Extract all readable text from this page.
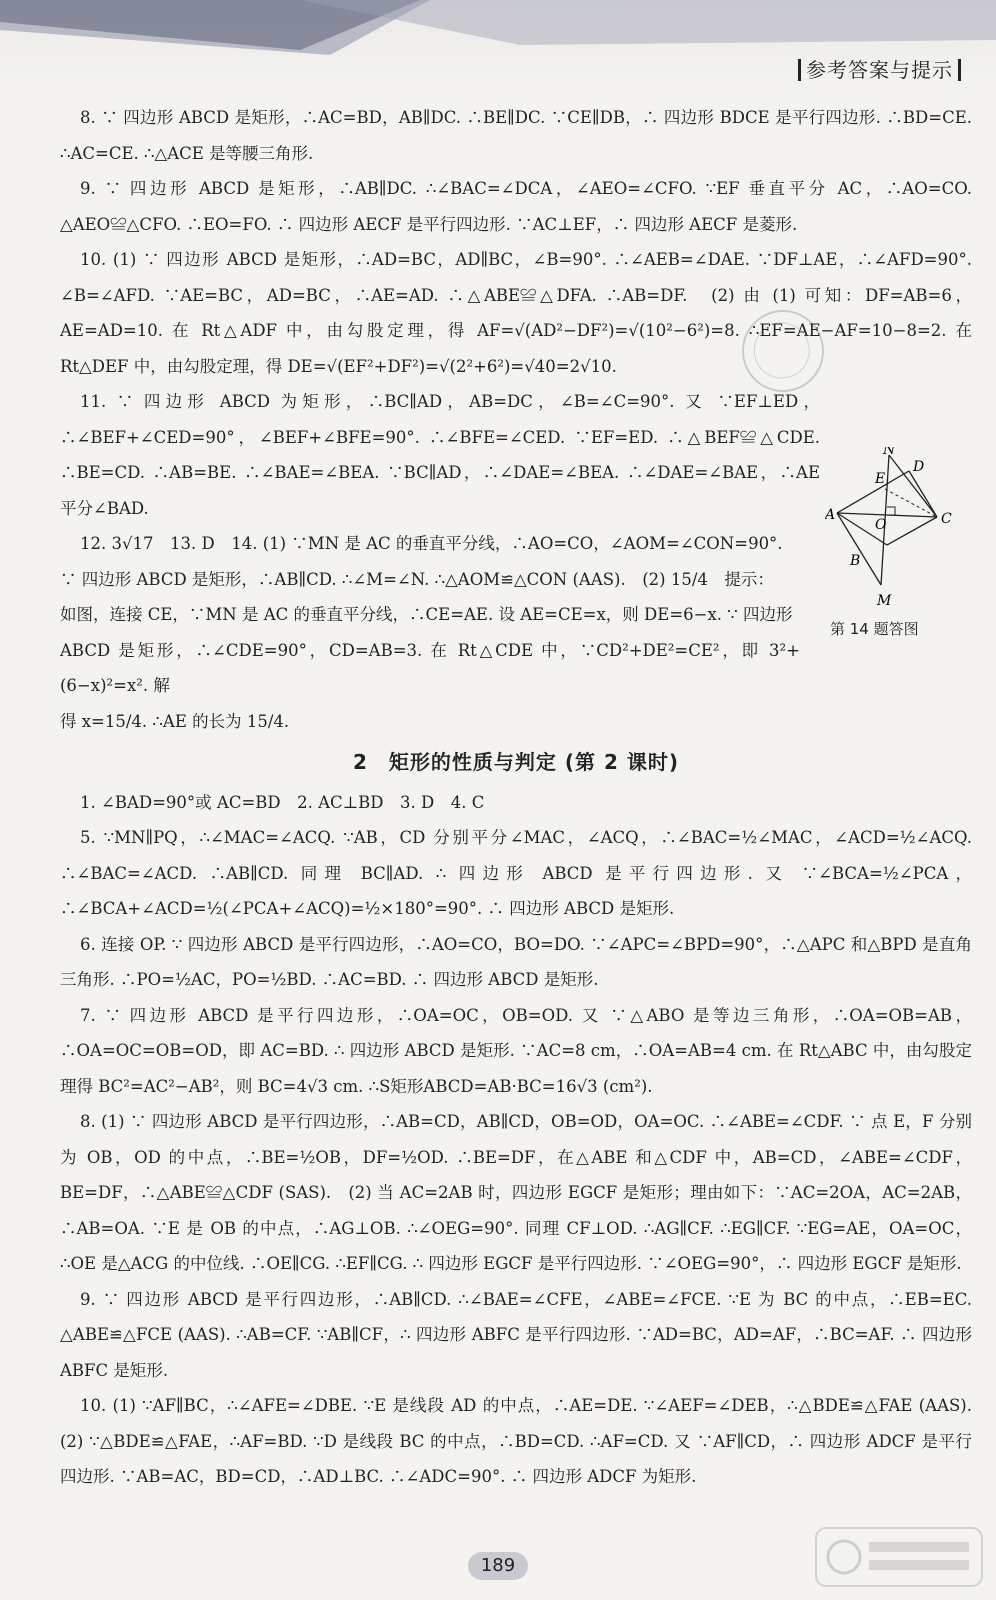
参考答案与提示

8. ∵ 四边形 ABCD 是矩形，∴AC=BD，AB∥DC. ∴BE∥DC. ∵CE∥DB，∴ 四边形 BDCE 是平行四边形. ∴BD=CE. ∴AC=CE. ∴△ACE 是等腰三角形.

9. ∵ 四边形 ABCD 是矩形，∴AB∥DC. ∴∠BAC=∠DCA，∠AEO=∠CFO. ∵EF 垂直平分 AC，∴AO=CO. △AEO≌△CFO. ∴EO=FO. ∴ 四边形 AECF 是平行四边形. ∵AC⊥EF，∴ 四边形 AECF 是菱形.

10. (1) ∵ 四边形 ABCD 是矩形，∴AD=BC，AD∥BC，∠B=90°. ∴∠AEB=∠DAE. ∵DF⊥AE，∴∠AFD=90°. ∠B=∠AFD. ∵AE=BC，AD=BC，∴AE=AD. ∴△ABE≌△DFA. ∴AB=DF.　(2) 由 (1) 可知：DF=AB=6，AE=AD=10. 在 Rt△ADF 中，由勾股定理，得 AF=√(AD²−DF²)=√(10²−6²)=8. ∴EF=AE−AF=10−8=2. 在 Rt△DEF 中，由勾股定理，得 DE=√(EF²+DF²)=√(2²+6²)=√40=2√10.

11. ∵ 四边形 ABCD 为矩形，∴BC∥AD，AB=DC，∠B=∠C=90°. 又 ∵EF⊥ED，∴∠BEF+∠CED=90°，∠BEF+∠BFE=90°. ∴∠BFE=∠CED. ∵EF=ED. ∴△BEF≌△CDE. ∴BE=CD. ∴AB=BE. ∴∠BAE=∠BEA. ∵BC∥AD，∴∠DAE=∠BEA. ∴∠DAE=∠BAE，∴AE 平分∠BAD.

12. 3√17　13. D　14. (1) ∵MN 是 AC 的垂直平分线，∴AO=CO，∠AOM=∠CON=90°.

∵ 四边形 ABCD 是矩形，∴AB∥CD. ∴∠M=∠N. ∴△AOM≌△CON (AAS).　(2) 15/4　提示：

如图，连接 CE，∵MN 是 AC 的垂直平分线，∴CE=AE. 设 AE=CE=x，则 DE=6−x. ∵ 四边形

ABCD 是矩形，∴∠CDE=90°，CD=AB=3. 在 Rt△CDE 中，∵CD²+DE²=CE²，即 3²+(6−x)²=x². 解

得 x=15/4. ∴AE 的长为 15/4.

2　矩形的性质与判定 (第 2 课时)

1. ∠BAD=90°或 AC=BD　2. AC⊥BD　3. D　4. C

5. ∵MN∥PQ，∴∠MAC=∠ACQ. ∵AB，CD 分别平分∠MAC，∠ACQ，∴∠BAC=½∠MAC，∠ACD=½∠ACQ. ∴∠BAC=∠ACD. ∴AB∥CD. 同理 BC∥AD. ∴ 四边形 ABCD 是平行四边形. 又 ∵∠BCA=½∠PCA，∴∠BCA+∠ACD=½(∠PCA+∠ACQ)=½×180°=90°. ∴ 四边形 ABCD 是矩形.

6. 连接 OP. ∵ 四边形 ABCD 是平行四边形，∴AO=CO，BO=DO. ∵∠APC=∠BPD=90°，∴△APC 和△BPD 是直角三角形. ∴PO=½AC，PO=½BD. ∴AC=BD. ∴ 四边形 ABCD 是矩形.

7. ∵ 四边形 ABCD 是平行四边形，∴OA=OC，OB=OD. 又 ∵△ABO 是等边三角形，∴OA=OB=AB，∴OA=OC=OB=OD，即 AC=BD. ∴ 四边形 ABCD 是矩形. ∵AC=8 cm，∴OA=AB=4 cm. 在 Rt△ABC 中，由勾股定理得 BC²=AC²−AB²，则 BC=4√3 cm. ∴S矩形ABCD=AB·BC=16√3 (cm²).

8. (1) ∵ 四边形 ABCD 是平行四边形，∴AB=CD，AB∥CD，OB=OD，OA=OC. ∴∠ABE=∠CDF. ∵ 点 E，F 分别为 OB，OD 的中点，∴BE=½OB，DF=½OD. ∴BE=DF，在△ABE 和△CDF 中，AB=CD，∠ABE=∠CDF，BE=DF，∴△ABE≌△CDF (SAS).　(2) 当 AC=2AB 时，四边形 EGCF 是矩形；理由如下：∵AC=2OA，AC=2AB，∴AB=OA. ∵E 是 OB 的中点，∴AG⊥OB. ∴∠OEG=90°. 同理 CF⊥OD. ∴AG∥CF. ∴EG∥CF. ∵EG=AE，OA=OC，∴OE 是△ACG 的中位线. ∴OE∥CG. ∴EF∥CG. ∴ 四边形 EGCF 是平行四边形. ∵∠OEG=90°，∴ 四边形 EGCF 是矩形.

9. ∵ 四边形 ABCD 是平行四边形，∴AB∥CD. ∴∠BAE=∠CFE，∠ABE=∠FCE. ∵E 为 BC 的中点，∴EB=EC. △ABE≌△FCE (AAS). ∴AB=CF. ∵AB∥CF，∴ 四边形 ABFC 是平行四边形. ∵AD=BC，AD=AF，∴BC=AF. ∴ 四边形 ABFC 是矩形.

10. (1) ∵AF∥BC，∴∠AFE=∠DBE. ∵E 是线段 AD 的中点，∴AE=DE. ∵∠AEF=∠DEB，∴△BDE≌△FAE (AAS).　(2) ∵△BDE≌△FAE，∴AF=BD. ∵D 是线段 BC 的中点，∴BD=CD. ∴AF=CD. 又 ∵AF∥CD，∴ 四边形 ADCF 是平行四边形. ∵AB=AC，BD=CD，∴AD⊥BC. ∴∠ADC=90°. ∴ 四边形 ADCF 为矩形.

N
D
E
A
O	C
B
M
第 14 题答图
189
